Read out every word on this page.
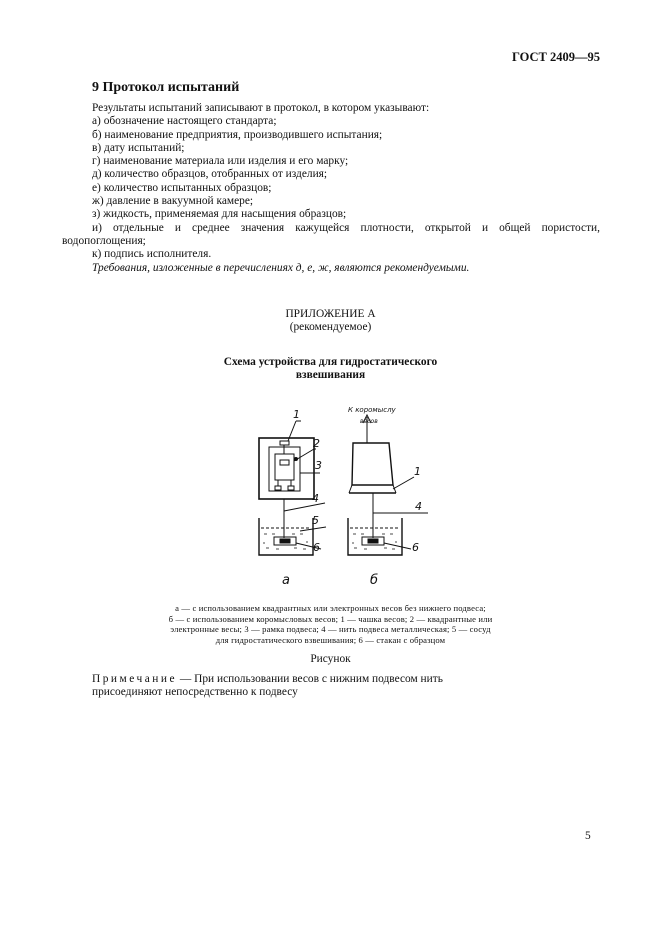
ГОСТ 2409—95
9 Протокол испытаний
Результаты испытаний записывают в протокол, в котором указывают:
а) обозначение настоящего стандарта;
б) наименование предприятия, производившего испытания;
в) дату испытаний;
г) наименование материала или изделия и его марку;
д) количество образцов, отобранных от изделия;
е) количество испытанных образцов;
ж) давление в вакуумной камере;
з) жидкость, применяемая для насыщения образцов;
и) отдельные и среднее значения кажущейся плотности, открытой и общей пористости,
водопоглощения;
к) подпись исполнителя.
Требования, изложенные в перечислениях д, е, ж, являются рекомендуемыми.
ПРИЛОЖЕНИЕ А
(рекомендуемое)
Схема устройства для гидростатического
взвешивания
1
2
3
4
5
6
1
4
6
К коромыслу
весов
а	б
а — с использованием квадрантных или электронных весов без нижнего подвеса;
б — с использованием коромысловых весов; 1 — чашка весов; 2 — квадрантные или
электронные весы; 3 — рамка подвеса; 4 — нить подвеса металлическая; 5 — сосуд
для гидростатического взвешивания; 6 — стакан с образцом
Рисунок
Примечание — При использовании весов с нижним подвесом нить
присоединяют непосредственно к подвесу
5
